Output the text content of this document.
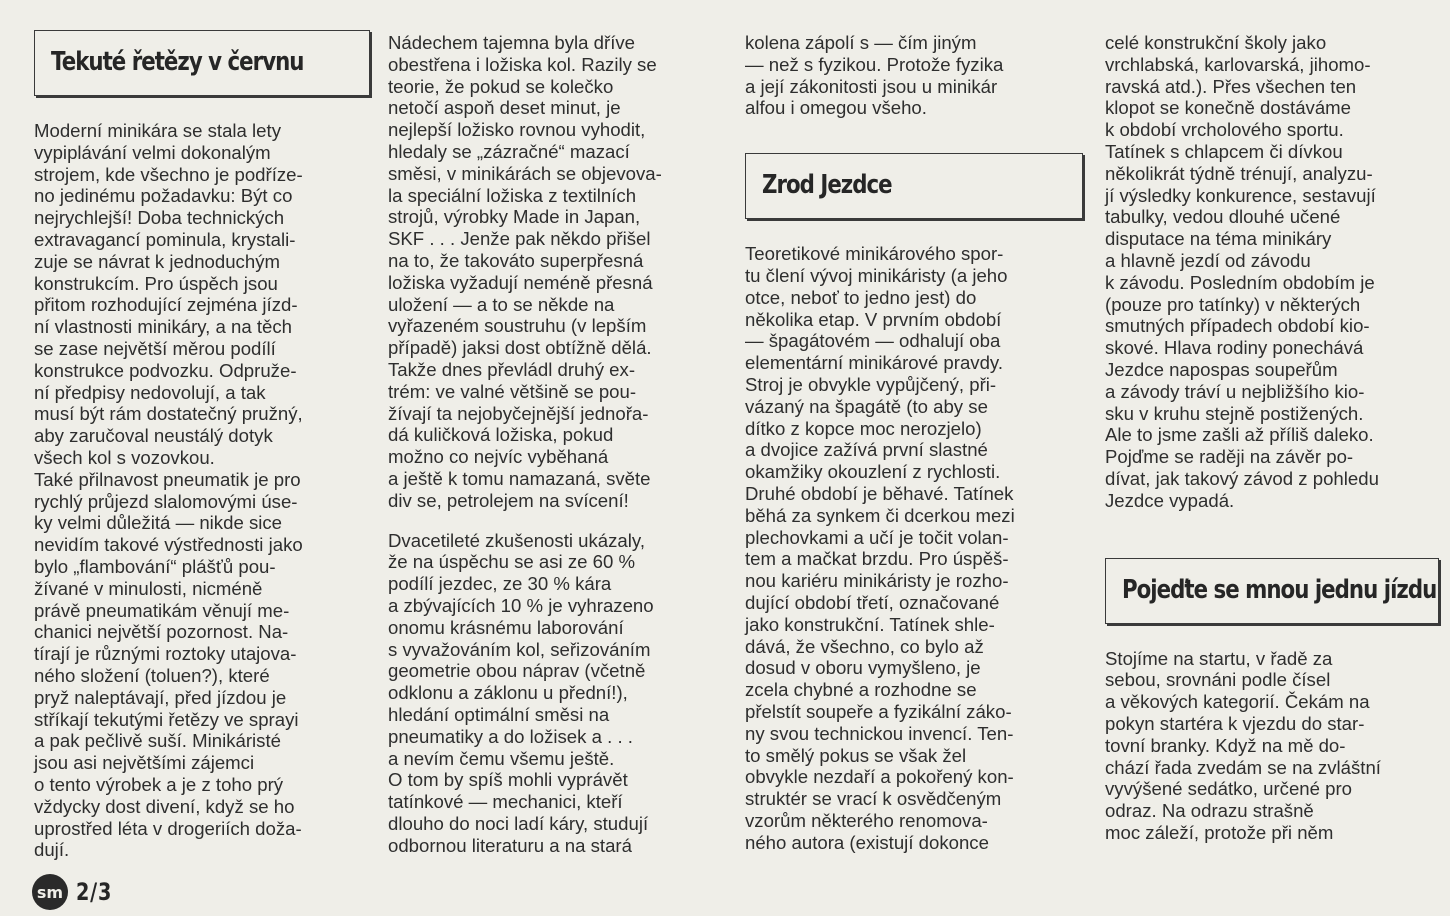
Tekuté řetězy v červnu

Moderní minikára se stala lety
vypiplávání velmi dokonalým
strojem, kde všechno je podříze-
no jedinému požadavku: Být co
nejrychlejší! Doba technických
extravagancí pominula, krystali-
zuje se návrat k jednoduchým
konstrukcím. Pro úspěch jsou
přitom rozhodující zejména jízd-
ní vlastnosti minikáry, a na těch
se zase největší měrou podílí
konstrukce podvozku. Odpruže-
ní předpisy nedovolují, a tak
musí být rám dostatečný pružný,
aby zaručoval neustálý dotyk
všech kol s vozovkou.

Také přilnavost pneumatik je pro
rychlý průjezd slalomovými úse-
ky velmi důležitá — nikde sice
nevidím takové výstřednosti jako
bylo „flambování“ plášťů pou-
žívané v minulosti, nicméně
právě pneumatikám věnují me-
chanici největší pozornost. Na-
tírají je různými roztoky utajova-
ného složení (toluen?), které
pryž naleptávají, před jízdou je
stříkají tekutými řetězy ve sprayi
a pak pečlivě suší. Minikáristé
jsou asi největšími zájemci
o tento výrobek a je z toho prý
vždycky dost divení, když se ho
uprostřed léta v drogeriích doža-
dují.

Nádechem tajemna byla dříve
obestřena i ložiska kol. Razily se
teorie, že pokud se kolečko
netočí aspoň deset minut, je
nejlepší ložisko rovnou vyhodit,
hledaly se „zázračné“ mazací
směsi, v minikárách se objevova-
la speciální ložiska z textilních
strojů, výrobky Made in Japan,
SKF . . . Jenže pak někdo přišel
na to, že takováto superpřesná
ložiska vyžadují neméně přesná
uložení — a to se někde na
vyřazeném soustruhu (v lepším
případě) jaksi dost obtížně dělá.
Takže dnes převládl druhý ex-
trém: ve valné většině se pou-
žívají ta nejobyčejnější jednořa-
dá kuličková ložiska, pokud
možno co nejvíc vyběhaná
a ještě k tomu namazaná, světe
div se, petrolejem na svícení!

Dvacetileté zkušenosti ukázaly,
že na úspěchu se asi ze 60 %
podílí jezdec, ze 30 % kára
a zbývajících 10 % je vyhrazeno
onomu krásnému laborování
s vyvažováním kol, seřizováním
geometrie obou náprav (včetně
odklonu a záklonu u přední!),
hledání optimální směsi na
pneumatiky a do ložisek a . . .
a nevím čemu všemu ještě.
O tom by spíš mohli vyprávět
tatínkové — mechanici, kteří
dlouho do noci ladí káry, studují
odbornou literaturu a na stará

kolena zápolí s — čím jiným
— než s fyzikou. Protože fyzika
a její zákonitosti jsou u minikár
alfou i omegou všeho.

Zrod Jezdce

Teoretikové minikárového spor-
tu člení vývoj minikáristy (a jeho
otce, neboť to jedno jest) do
několika etap. V prvním období
— špagátovém — odhalují oba
elementární minikárové pravdy.
Stroj je obvykle vypůjčený, při-
vázaný na špagátě (to aby se
dítko z kopce moc nerozjelo)
a dvojice zažívá první slastné
okamžiky okouzlení z rychlosti.
Druhé období je běhavé. Tatínek
běhá za synkem či dcerkou mezi
plechovkami a učí je točit volan-
tem a mačkat brzdu. Pro úspěš-
nou kariéru minikáristy je rozho-
dující období třetí, označované
jako konstrukční. Tatínek shle-
dává, že všechno, co bylo až
dosud v oboru vymyšleno, je
zcela chybné a rozhodne se
přelstít soupeře a fyzikální záko-
ny svou technickou invencí. Ten-
to smělý pokus se však žel
obvykle nezdaří a pokořený kon-
struktér se vrací k osvědčeným
vzorům některého renomova-
ného autora (existují dokonce

celé konstrukční školy jako
vrchlabská, karlovarská, jihomo-
ravská atd.). Přes všechen ten
klopot se konečně dostáváme
k období vrcholového sportu.
Tatínek s chlapcem či dívkou
několikrát týdně trénují, analyzu-
jí výsledky konkurence, sestavují
tabulky, vedou dlouhé učené
disputace na téma minikáry
a hlavně jezdí od závodu
k závodu. Posledním obdobím je
(pouze pro tatínky) v některých
smutných případech období kio-
skové. Hlava rodiny ponechává
Jezdce napospas soupeřům
a závody tráví u nejbližšího kio-
sku v kruhu stejně postižených.
Ale to jsme zašli až příliš daleko.
Pojďme se raději na závěr po-
dívat, jak takový závod z pohledu
Jezdce vypadá.

Pojeďte se mnou jednu jízdu

Stojíme na startu, v řadě za
sebou, srovnáni podle čísel
a věkových kategorií. Čekám na
pokyn startéra k vjezdu do star-
tovní branky. Když na mě do-
chází řada zvedám se na zvláštní
vyvýšené sedátko, určené pro
odraz. Na odrazu strašně
moc záleží, protože při něm

sm 2/3
